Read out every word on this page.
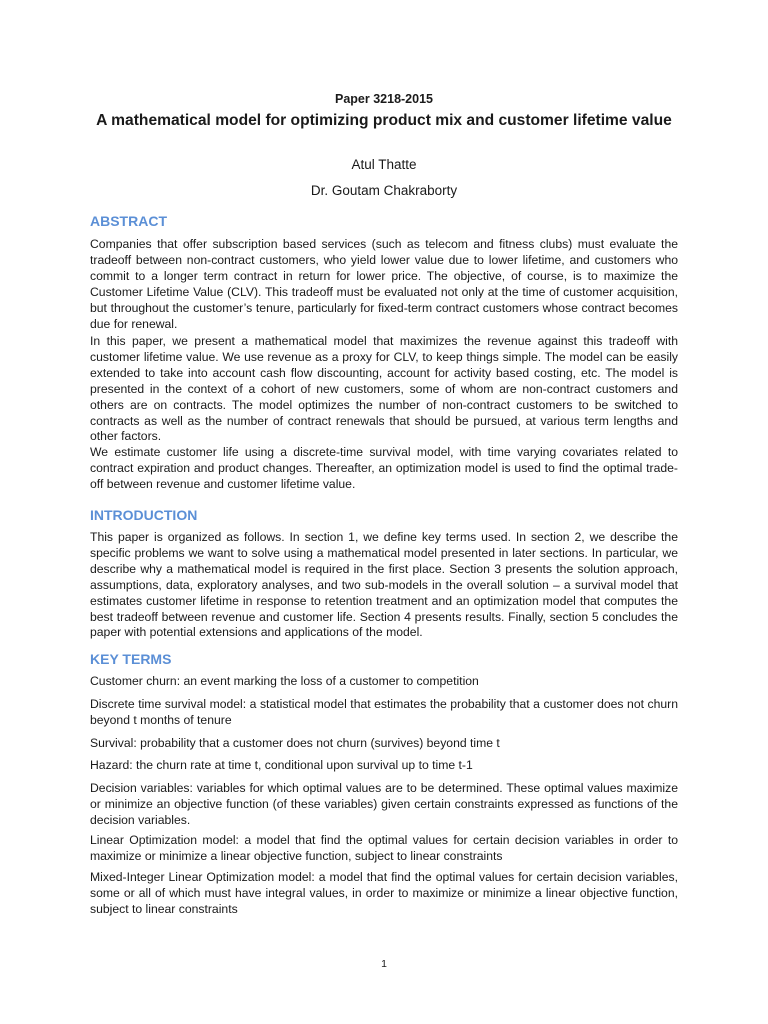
Paper 3218-2015
A mathematical model for optimizing product mix and customer lifetime value
Atul Thatte
Dr. Goutam Chakraborty
ABSTRACT

Companies that offer subscription based services (such as telecom and fitness clubs) must evaluate the tradeoff between non-contract customers, who yield lower value due to lower lifetime, and customers who commit to a longer term contract in return for lower price. The objective, of course, is to maximize the Customer Lifetime Value (CLV). This tradeoff must be evaluated not only at the time of customer acquisition, but throughout the customer’s tenure, particularly for fixed-term contract customers whose contract becomes due for renewal.

In this paper, we present a mathematical model that maximizes the revenue against this tradeoff with customer lifetime value. We use revenue as a proxy for CLV, to keep things simple. The model can be easily extended to take into account cash flow discounting, account for activity based costing, etc. The model is presented in the context of a cohort of new customers, some of whom are non-contract customers and others are on contracts. The model optimizes the number of non-contract customers to be switched to contracts as well as the number of contract renewals that should be pursued, at various term lengths and other factors.

We estimate customer life using a discrete-time survival model, with time varying covariates related to contract expiration and product changes. Thereafter, an optimization model is used to find the optimal trade-off between revenue and customer lifetime value.

INTRODUCTION

This paper is organized as follows. In section 1, we define key terms used. In section 2, we describe the specific problems we want to solve using a mathematical model presented in later sections. In particular, we describe why a mathematical model is required in the first place. Section 3 presents the solution approach, assumptions, data, exploratory analyses, and two sub-models in the overall solution – a survival model that estimates customer lifetime in response to retention treatment and an optimization model that computes the best tradeoff between revenue and customer life. Section 4 presents results. Finally, section 5 concludes the paper with potential extensions and applications of the model.

KEY TERMS

Customer churn: an event marking the loss of a customer to competition

Discrete time survival model: a statistical model that estimates the probability that a customer does not churn beyond t months of tenure

Survival: probability that a customer does not churn (survives) beyond time t

Hazard: the churn rate at time t, conditional upon survival up to time t-1

Decision variables: variables for which optimal values are to be determined. These optimal values maximize or minimize an objective function (of these variables) given certain constraints expressed as functions of the decision variables.

Linear Optimization model: a model that find the optimal values for certain decision variables in order to maximize or minimize a linear objective function, subject to linear constraints

Mixed-Integer Linear Optimization model: a model that find the optimal values for certain decision variables, some or all of which must have integral values, in order to maximize or minimize a linear objective function, subject to linear constraints

1
